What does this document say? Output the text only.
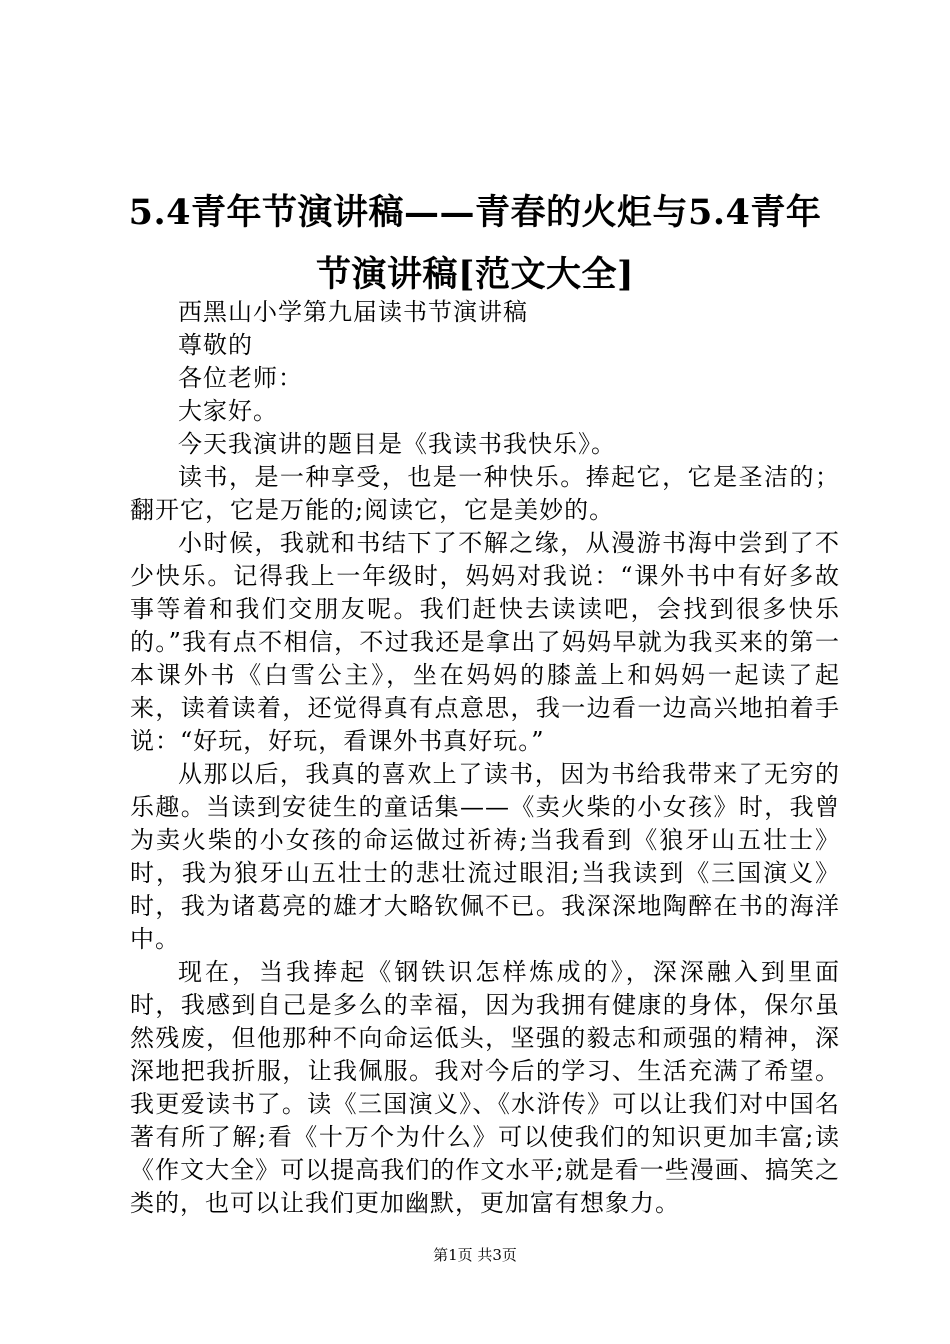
5.4青年节演讲稿——青春的火炬与5.4青年节演讲稿[范文大全]

西黑山小学第九届读书节演讲稿

尊敬的

各位老师：

大家好。

今天我演讲的题目是《我读书我快乐》。

读书，是一种享受，也是一种快乐。捧起它，它是圣洁的；翻开它，它是万能的;阅读它，它是美妙的。

小时候，我就和书结下了不解之缘，从漫游书海中尝到了不少快乐。记得我上一年级时，妈妈对我说：“课外书中有好多故事等着和我们交朋友呢。我们赶快去读读吧，会找到很多快乐的。”我有点不相信，不过我还是拿出了妈妈早就为我买来的第一本课外书《白雪公主》，坐在妈妈的膝盖上和妈妈一起读了起来，读着读着，还觉得真有点意思，我一边看一边高兴地拍着手说：“好玩，好玩，看课外书真好玩。”

从那以后，我真的喜欢上了读书，因为书给我带来了无穷的乐趣。当读到安徒生的童话集——《卖火柴的小女孩》时，我曾为卖火柴的小女孩的命运做过祈祷;当我看到《狼牙山五壮士》时，我为狼牙山五壮士的悲壮流过眼泪;当我读到《三国演义》时，我为诸葛亮的雄才大略钦佩不已。我深深地陶醉在书的海洋中。

现在，当我捧起《钢铁识怎样炼成的》，深深融入到里面时，我感到自己是多么的幸福，因为我拥有健康的身体，保尔虽然残废，但他那种不向命运低头，坚强的毅志和顽强的精神，深深地把我折服，让我佩服。我对今后的学习、生活充满了希望。我更爱读书了。读《三国演义》、《水浒传》可以让我们对中国名著有所了解;看《十万个为什么》可以使我们的知识更加丰富;读《作文大全》可以提高我们的作文水平;就是看一些漫画、搞笑之类的，也可以让我们更加幽默，更加富有想象力。

第1页 共3页
